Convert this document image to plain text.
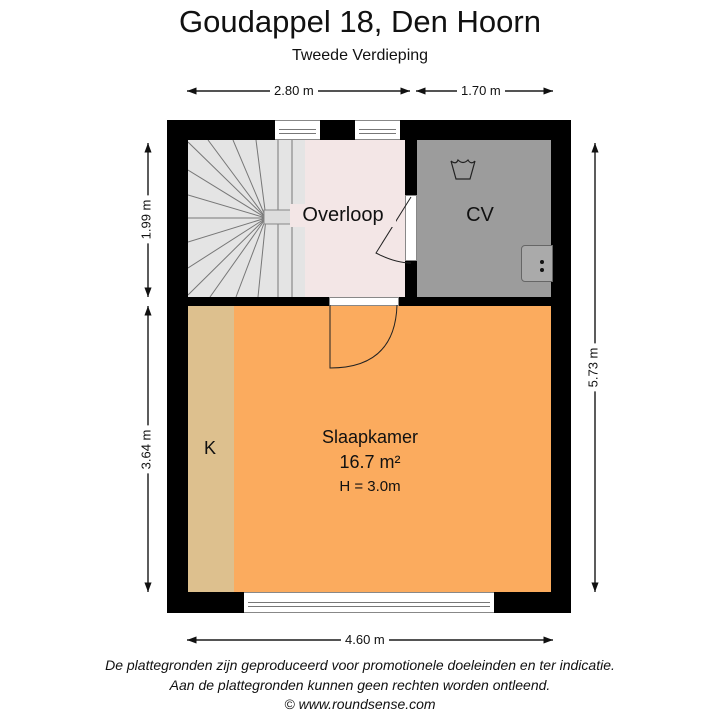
Goudappel 18, Den Hoorn
Tweede Verdieping
2.80 m	1.70 m
1.99 m
3.64 m
5.73 m
4.60 m
Overloop	CV
K
Slaapkamer
16.7 m²
H = 3.0m
De plattegronden zijn geproduceerd voor promotionele doeleinden en ter indicatie.
Aan de plattegronden kunnen geen rechten worden ontleend.
© www.roundsense.com
